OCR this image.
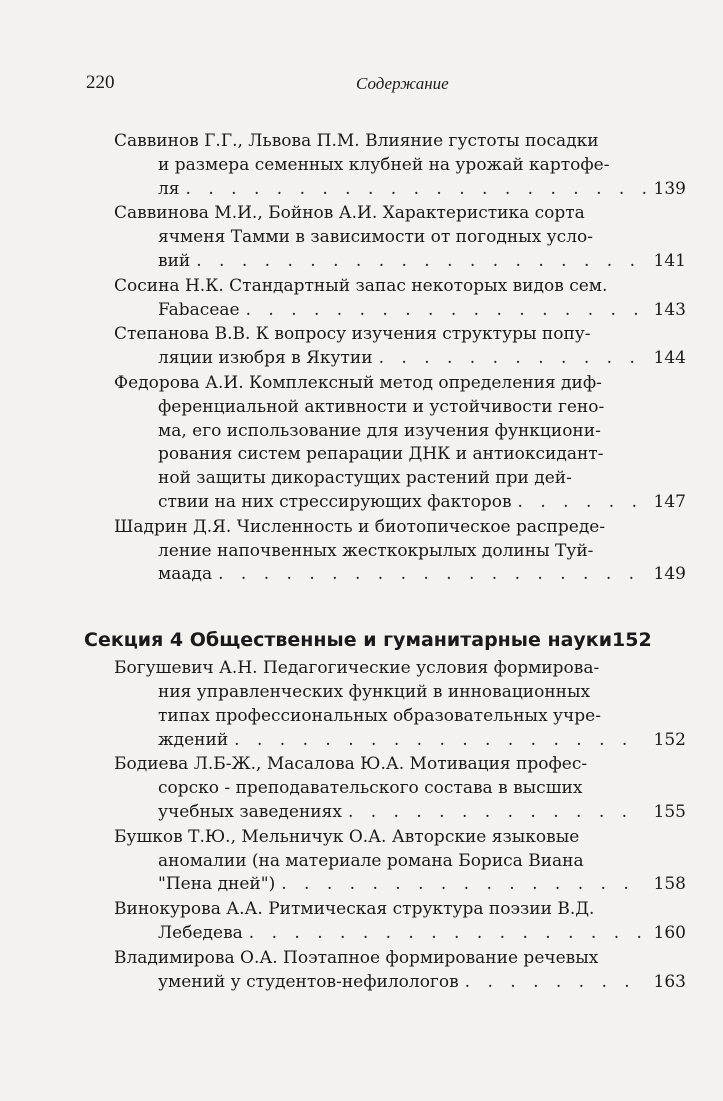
220	Содержание
Саввинов Г.Г., Львова П.М. Влияние густоты посадки
и размера семенных клубней на урожай картофе-
ля . . .	139
Саввинова М.И., Бойнов А.И. Характеристика сорта
ячменя Тамми в зависимости от погодных усло-
вий . . .	141
Сосина Н.К. Стандартный запас некоторых видов сем.
Fabaceae . . .	143
Степанова В.В. К вопросу изучения структуры попу-
ляции изюбря в Якутии . . .	144
Федорова А.И. Комплексный метод определения диф-
ференциальной активности и устойчивости гено-
ма, его использование для изучения функциони-
рования систем репарации ДНК и антиоксидант-
ной защиты дикорастущих растений при дей-
ствии на них стрессирующих факторов . . .	147
Шадрин Д.Я. Численность и биотопическое распреде-
ление напочвенных жесткокрылых долины Туй-
маада . . .	149
Секция 4 Общественные и гуманитарные науки152
Богушевич А.Н. Педагогические условия формирова-
ния управленческих функций в инновационных
типах профессиональных образовательных учре-
ждений . . .	152
Бодиева Л.Б-Ж., Масалова Ю.А. Мотивация профес-
сорско - преподавательского состава в высших
учебных заведениях . . .	155
Бушков Т.Ю., Мельничук О.А. Авторские языковые
аномалии (на материале романа Бориса Виана
"Пена дней") . . .	158
Винокурова А.А. Ритмическая структура поэзии В.Д.
Лебедева . . .	160
Владимирова О.А. Поэтапное формирование речевых
умений у студентов-нефилологов . . .	163
